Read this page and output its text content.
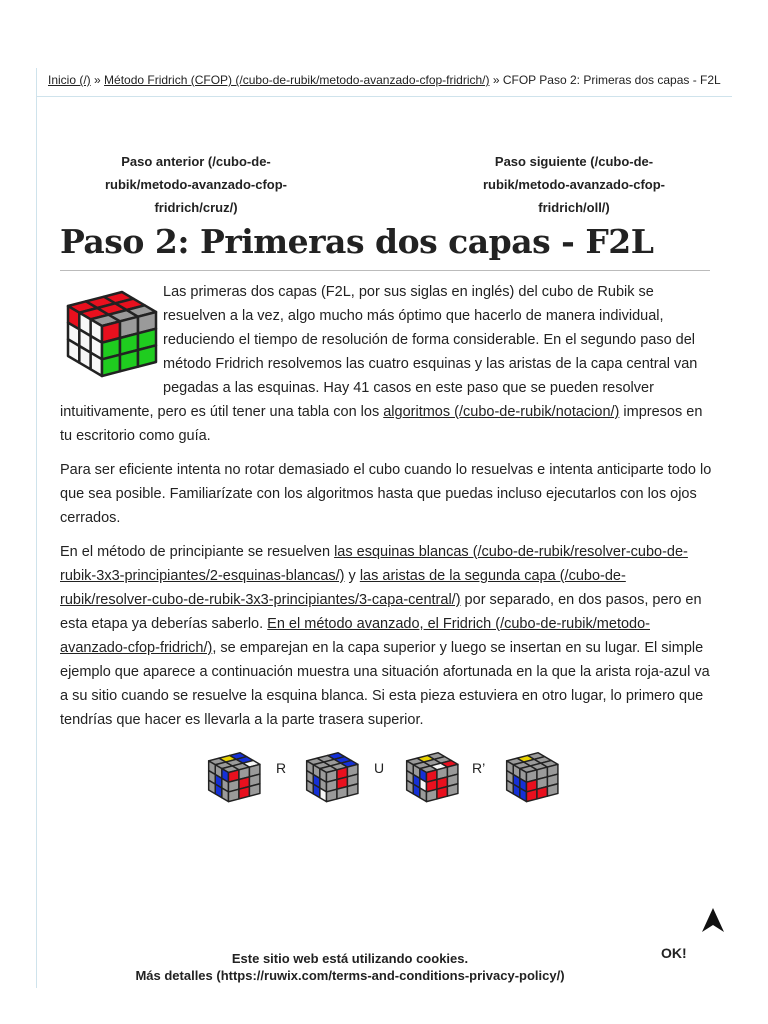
Inicio (/) » Método Fridrich (CFOP) (/cubo-de-rubik/metodo-avanzado-cfop-fridrich/) » CFOP Paso 2: Primeras dos capas - F2L
Paso anterior (/cubo-de-rubik/metodo-avanzado-cfop-fridrich/cruz/)
Paso siguiente (/cubo-de-rubik/metodo-avanzado-cfop-fridrich/oll/)
Paso 2: Primeras dos capas - F2L

Las primeras dos capas (F2L, por sus siglas en inglés) del cubo de Rubik se resuelven a la vez, algo mucho más óptimo que hacerlo de manera individual, reduciendo el tiempo de resolución de forma considerable. En el segundo paso del método Fridrich resolvemos las cuatro esquinas y las aristas de la capa central van pegadas a las esquinas. Hay 41 casos en este paso que se pueden resolver intuitivamente, pero es útil tener una tabla con los algoritmos (/cubo-de-rubik/notacion/) impresos en tu escritorio como guía.

Para ser eficiente intenta no rotar demasiado el cubo cuando lo resuelvas e intenta anticiparte todo lo que sea posible. Familiarízate con los algoritmos hasta que puedas incluso ejecutarlos con los ojos cerrados.

En el método de principiante se resuelven las esquinas blancas (/cubo-de-rubik/resolver-cubo-de-rubik-3x3-principiantes/2-esquinas-blancas/) y las aristas de la segunda capa (/cubo-de-rubik/resolver-cubo-de-rubik-3x3-principiantes/3-capa-central/) por separado, en dos pasos, pero en esta etapa ya deberías saberlo. En el método avanzado, el Fridrich (/cubo-de-rubik/metodo-avanzado-cfop-fridrich/), se emparejan en la capa superior y luego se insertan en su lugar. El simple ejemplo que aparece a continuación muestra una situación afortunada en la que la arista roja-azul va a su sitio cuando se resuelve la esquina blanca. Si esta pieza estuviera en otro lugar, lo primero que tendrías que hacer es llevarla a la parte trasera superior.

R	U	R’
Este sitio web está utilizando cookies.
Más detalles (https://ruwix.com/terms-and-conditions-privacy-policy/)
OK!
